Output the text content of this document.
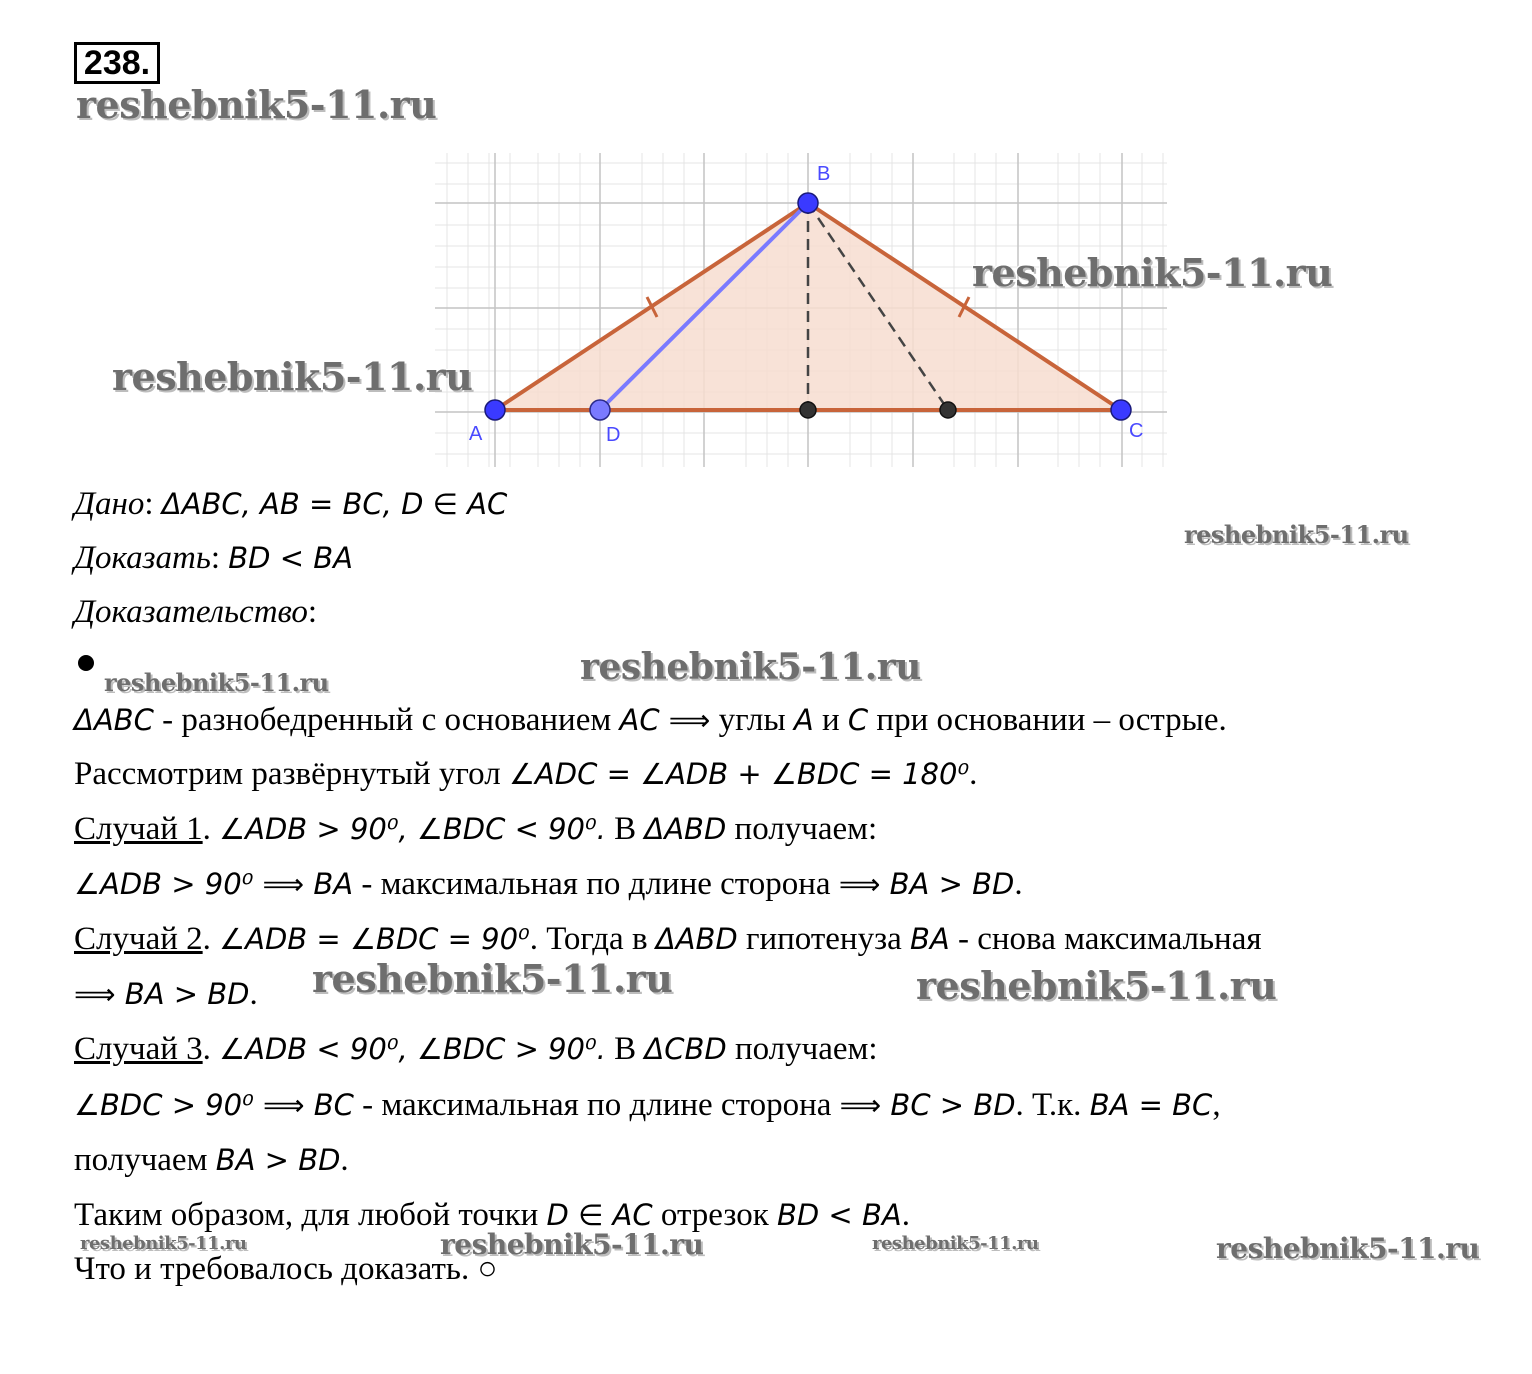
238.
reshebnik5-11.ru
A
B
C
D
reshebnik5-11.ru
reshebnik5-11.ru
Дано: ΔABC, AB = BC, D ∈ AC
reshebnik5-11.ru
Доказать: BD < BA
Доказательство:
reshebnik5-11.ru	reshebnik5-11.ru
ΔABC - разнобедренный с основанием AC ⟹ углы A и C при основании – острые.
Рассмотрим развёрнутый угол ∠ADC = ∠ADB + ∠BDC = 180⁰.
Случай 1. ∠ADB > 90⁰, ∠BDC < 90⁰. В ΔABD получаем:
∠ADB > 90⁰ ⟹ BA - максимальная по длине сторона ⟹ BA > BD.
Случай 2. ∠ADB = ∠BDC = 90⁰. Тогда в ΔABD гипотенуза BA - снова максимальная
⟹ BA > BD. reshebnik5-11.ru	reshebnik5-11.ru
Случай 3. ∠ADB < 90⁰, ∠BDC > 90⁰. В ΔCBD получаем:
∠BDC > 90⁰ ⟹ BC - максимальная по длине сторона ⟹ BC > BD. Т.к. BA = BC,
получаем BA > BD.
Таким образом, для любой точки D ∈ AC отрезок BD < BA.
reshebnik5-11.ru	reshebnik5-11.ru	reshebnik5-11.ru	reshebnik5-11.ru
Что и требовалось доказать. ○
